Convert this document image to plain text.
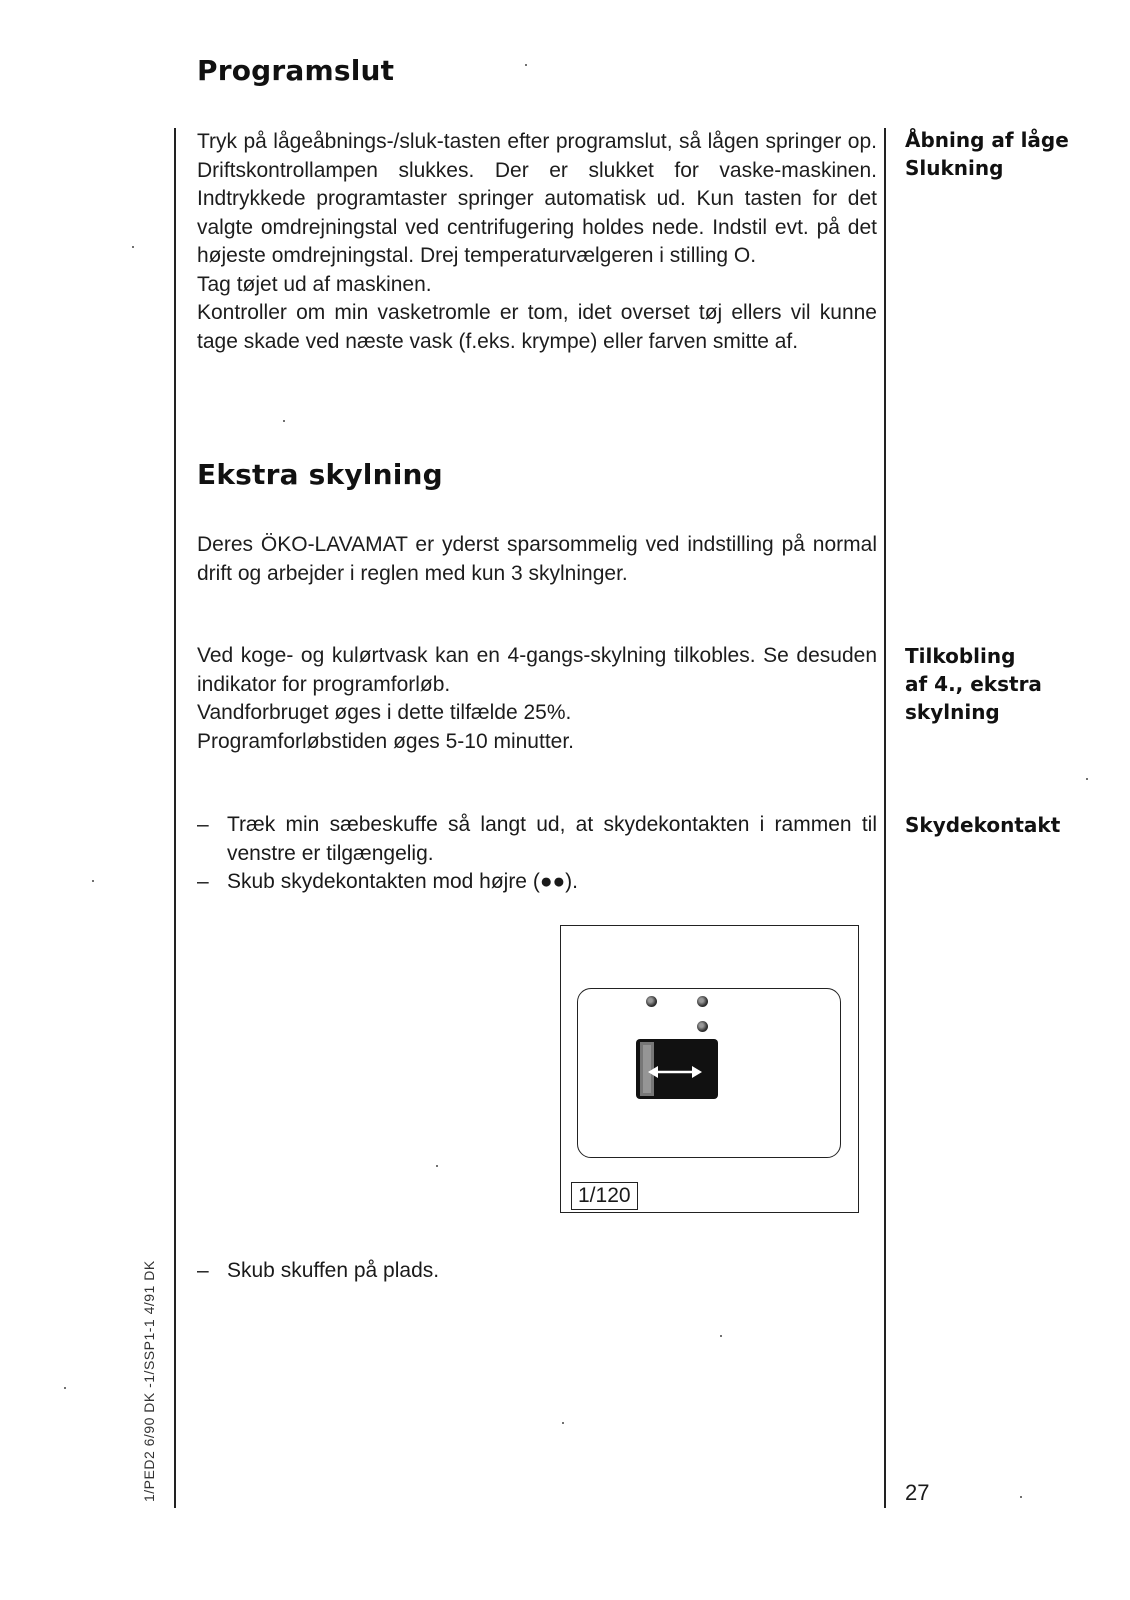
Programslut

Tryk på lågeåbnings-/sluk-tasten efter programslut, så lågen springer op. Driftskontrollampen slukkes. Der er slukket for vaske-maskinen. Indtrykkede programtaster springer automatisk ud. Kun tasten for det valgte omdrejningstal ved centrifugering holdes nede. Indstil evt. på det højeste omdrejningstal. Drej temperaturvælgeren i stilling O.

Tag tøjet ud af maskinen.

Kontroller om min vasketromle er tom, idet overset tøj ellers vil kunne tage skade ved næste vask (f.eks. krympe) eller farven smitte af.

Åbning af låge
Slukning
Ekstra skylning
Deres ÖKO-LAVAMAT er yderst sparsommelig ved indstilling på normal drift og arbejder i reglen med kun 3 skylninger.

Ved koge- og kulørtvask kan en 4-gangs-skylning tilkobles. Se desuden indikator for programforløb.

Vandforbruget øges i dette tilfælde 25%.

Programforløbstiden øges 5-10 minutter.

Tilkobling
af 4., ekstra
skylning
– Træk min sæbeskuffe så langt ud, at skydekontakten i rammen til venstre er tilgængelig.
– Skub skydekontakten mod højre (●●).
Skydekontakt
1/120
– Skub skuffen på plads.
1/PED2 6/90 DK -1/SSP1-1 4/91 DK	27
